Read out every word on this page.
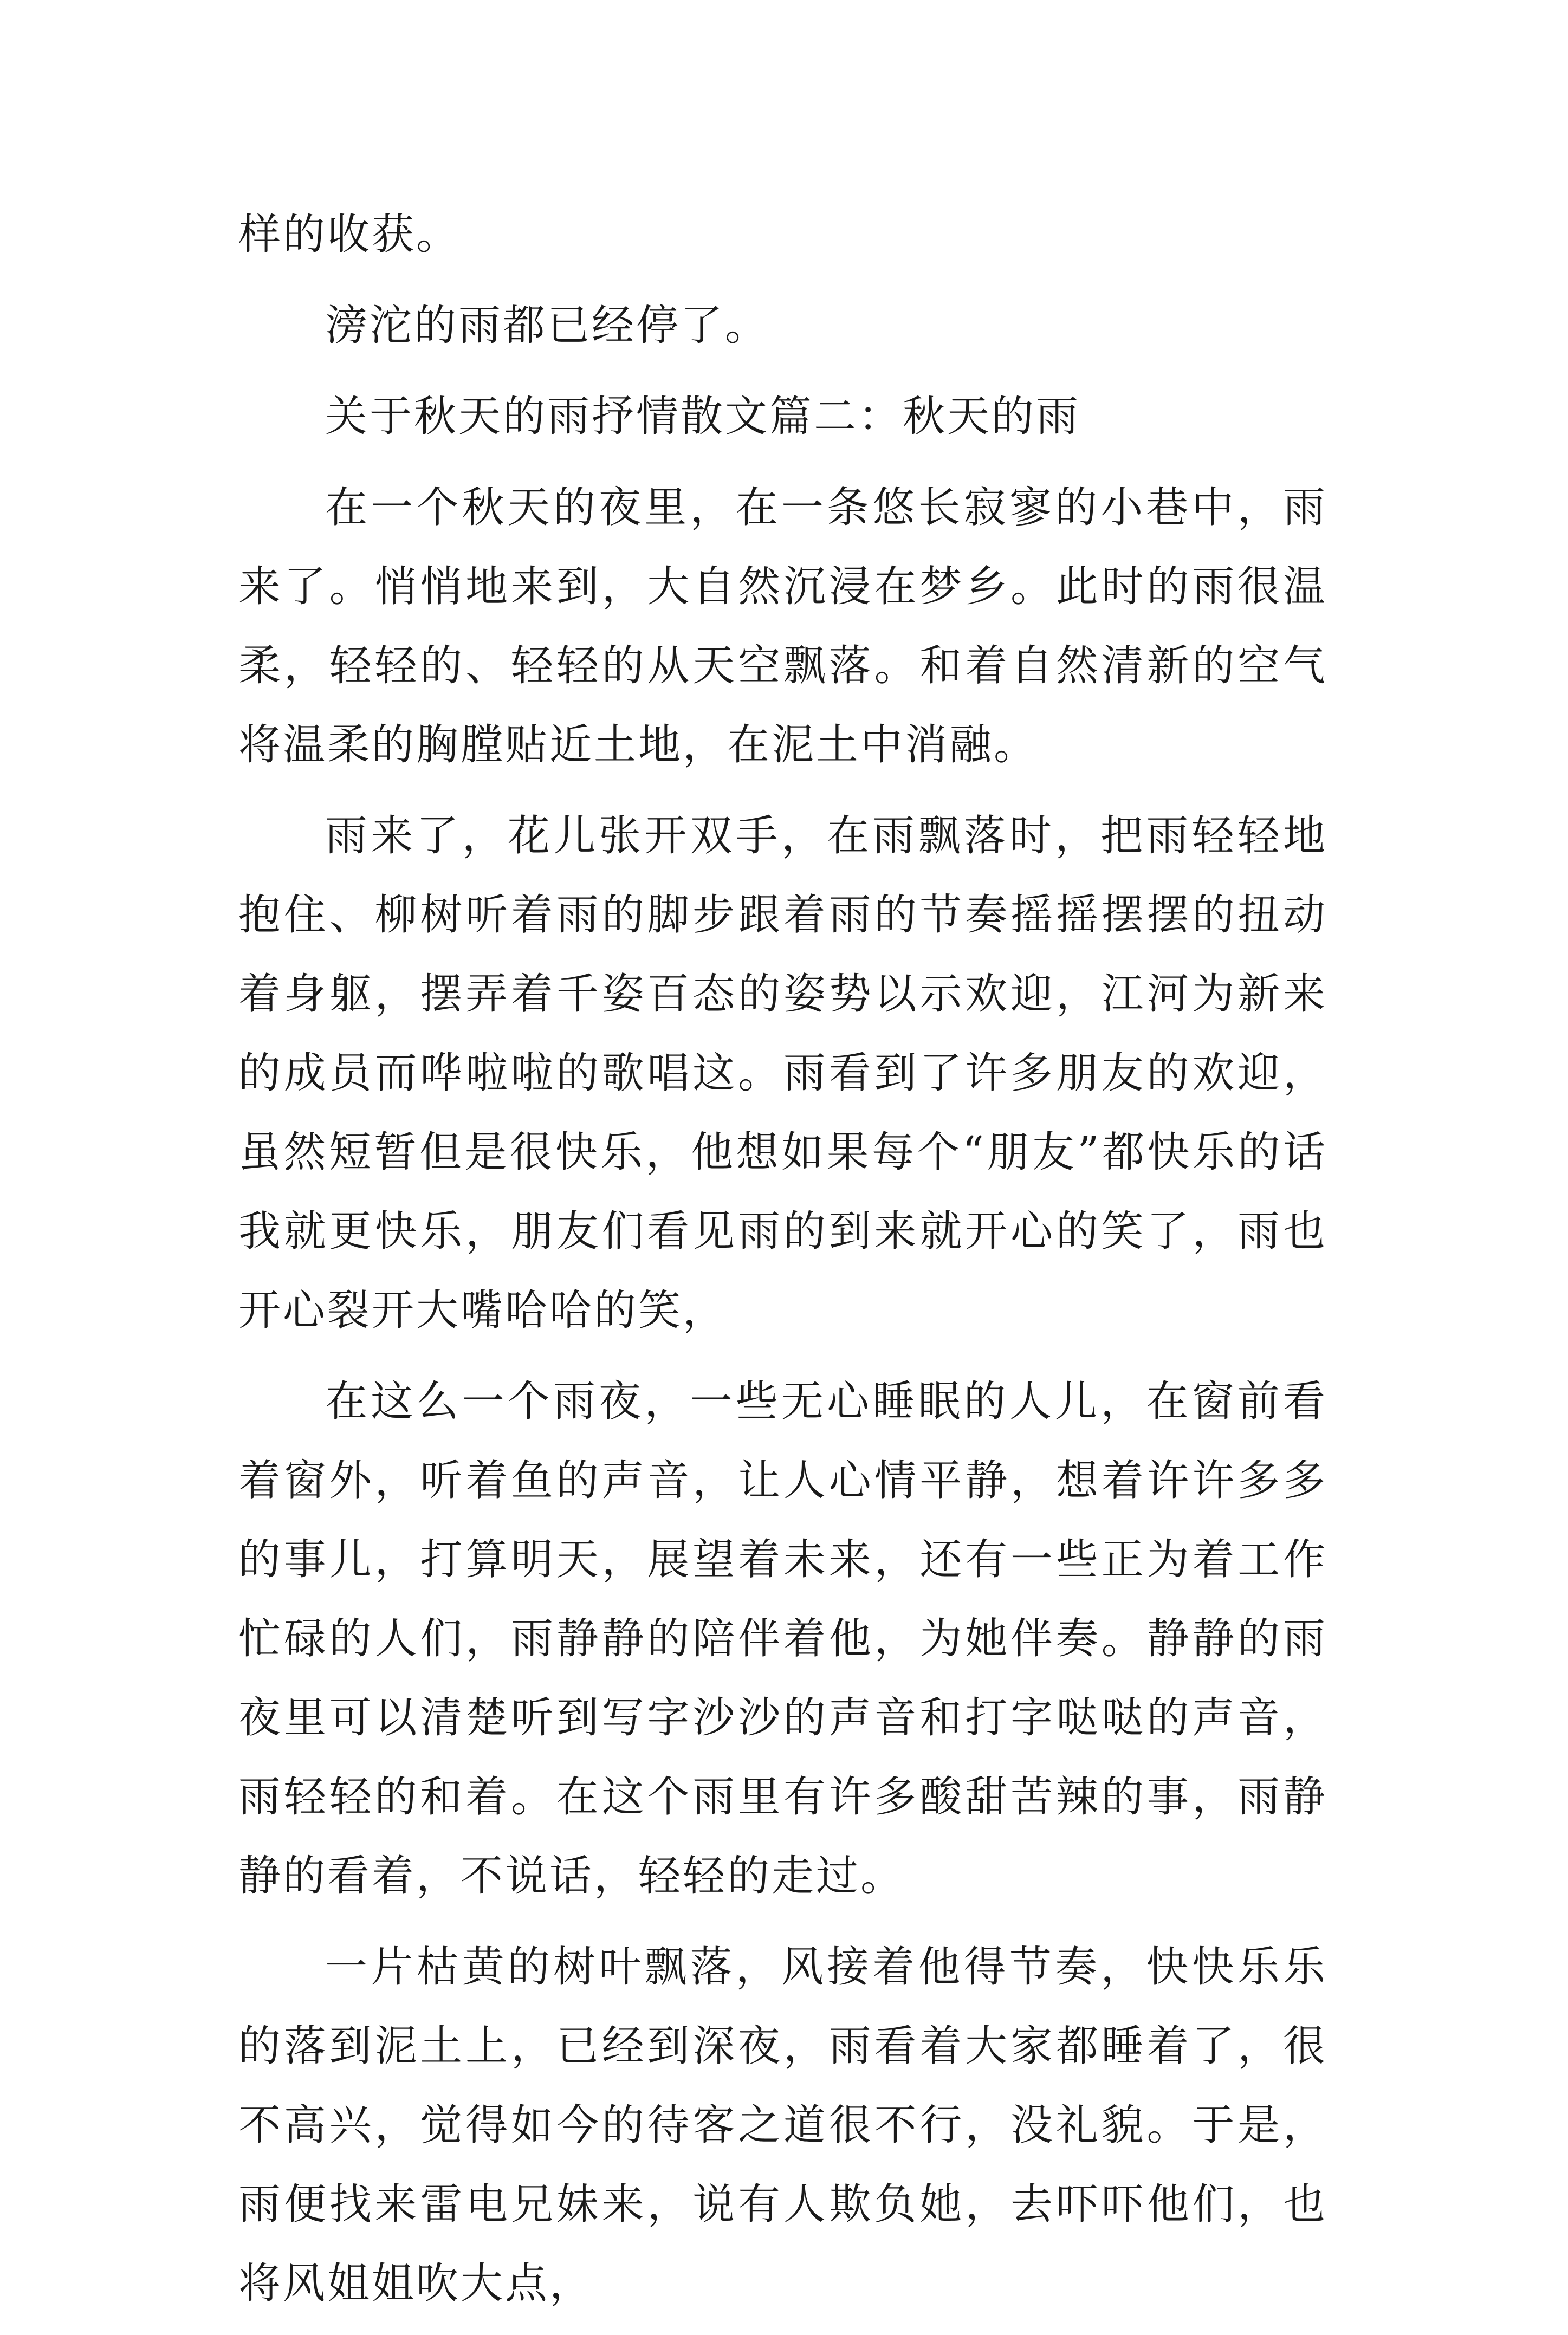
样的收获。

滂沱的雨都已经停了。

关于秋天的雨抒情散文篇二：秋天的雨

在一个秋天的夜里，在一条悠长寂寥的小巷中，雨来了。悄悄地来到，大自然沉浸在梦乡。此时的雨很温柔，轻轻的、轻轻的从天空飘落。和着自然清新的空气将温柔的胸膛贴近土地，在泥土中消融。

雨来了，花儿张开双手，在雨飘落时，把雨轻轻地抱住、柳树听着雨的脚步跟着雨的节奏摇摇摆摆的扭动着身躯，摆弄着千姿百态的姿势以示欢迎，江河为新来的成员而哗啦啦的歌唱这。雨看到了许多朋友的欢迎，虽然短暂但是很快乐，他想如果每个“朋友”都快乐的话我就更快乐，朋友们看见雨的到来就开心的笑了，雨也开心裂开大嘴哈哈的笑，

在这么一个雨夜，一些无心睡眠的人儿，在窗前看着窗外，听着鱼的声音，让人心情平静，想着许许多多的事儿，打算明天，展望着未来，还有一些正为着工作忙碌的人们，雨静静的陪伴着他，为她伴奏。静静的雨夜里可以清楚听到写字沙沙的声音和打字哒哒的声音，雨轻轻的和着。在这个雨里有许多酸甜苦辣的事，雨静静的看着，不说话，轻轻的走过。

一片枯黄的树叶飘落，风接着他得节奏，快快乐乐的落到泥土上，已经到深夜，雨看着大家都睡着了，很不高兴，觉得如今的待客之道很不行，没礼貌。于是，雨便找来雷电兄妹来，说有人欺负她，去吓吓他们，也将风姐姐吹大点，
